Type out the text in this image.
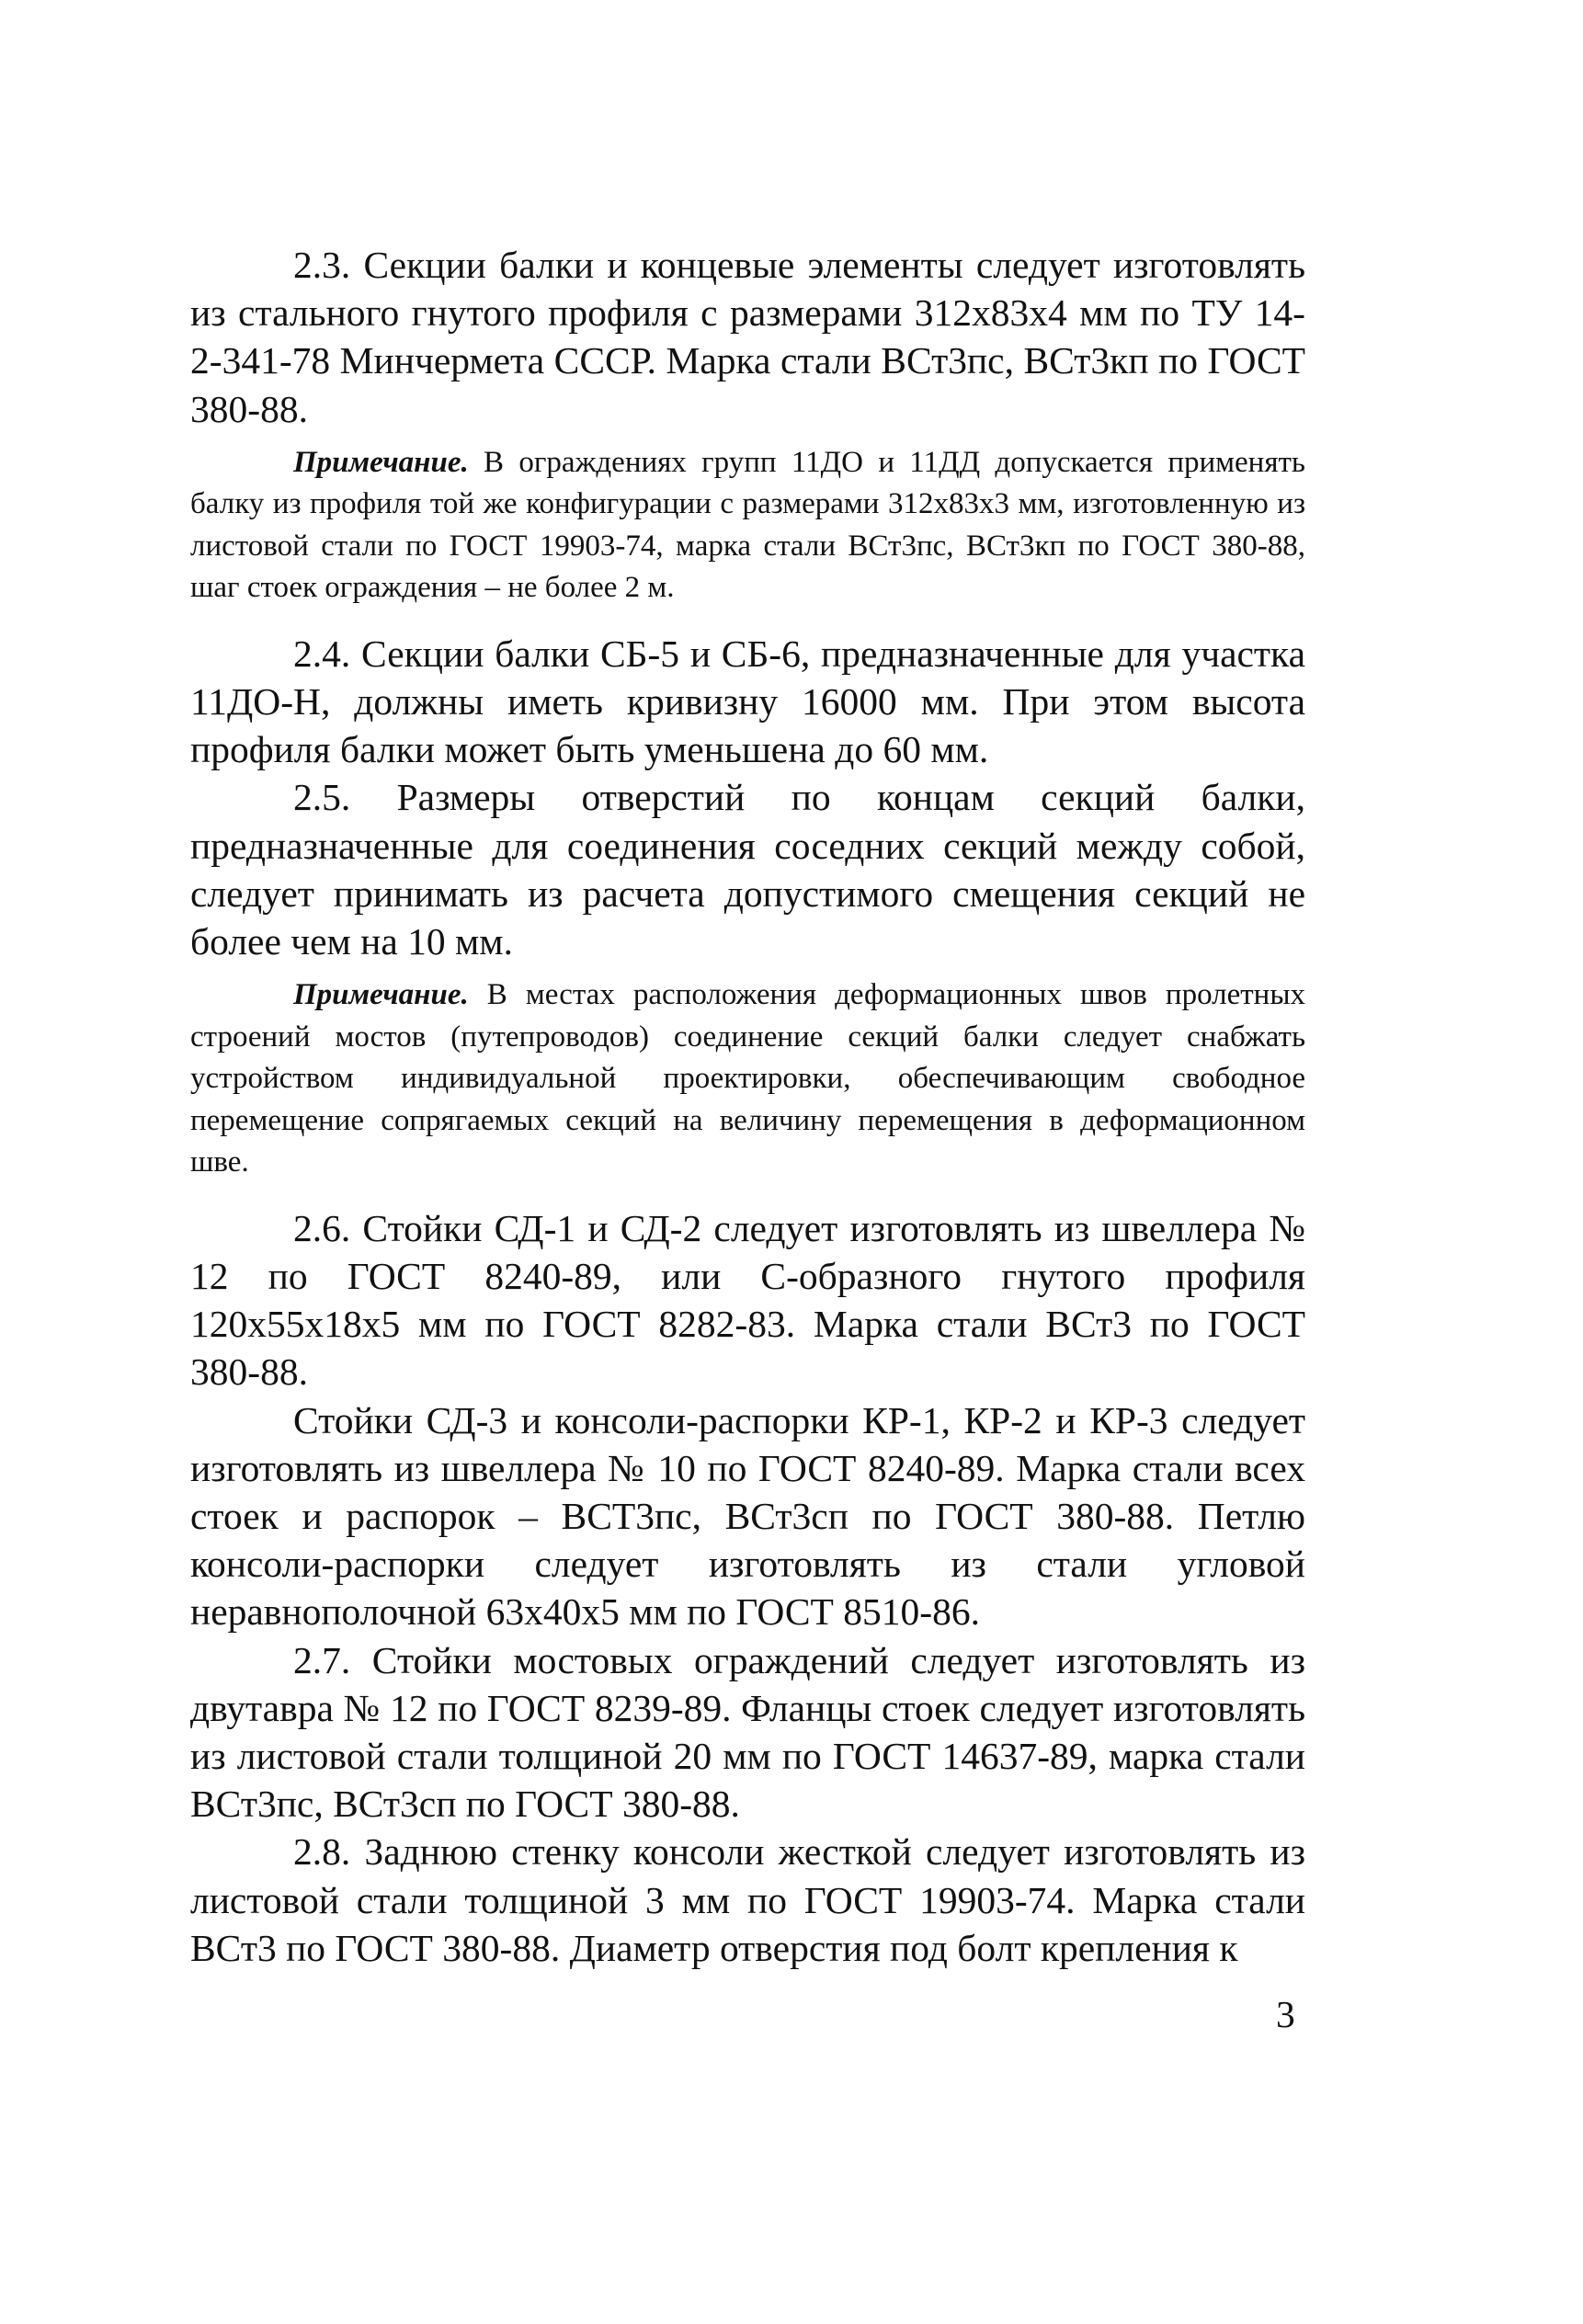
2.3. Секции балки и концевые элементы следует изготовлять из стального гнутого профиля с размерами 312х83х4 мм по ТУ 14-2-341-78 Минчермета СССР. Марка стали ВСт3пс, ВСт3кп по ГОСТ 380-88.

Примечание. В ограждениях групп 11ДО и 11ДД допускается применять балку из профиля той же конфигурации с размерами 312х83х3 мм, изготовленную из листовой стали по ГОСТ 19903-74, марка стали ВСт3пс, ВСт3кп по ГОСТ 380-88, шаг стоек ограждения – не более 2 м.

2.4. Секции балки СБ-5 и СБ-6, предназначенные для участка 11ДО-Н, должны иметь кривизну 16000 мм. При этом высота профиля балки может быть уменьшена до 60 мм.

2.5. Размеры отверстий по концам секций балки, предназначенные для соединения соседних секций между собой, следует принимать из расчета допустимого смещения секций не более чем на 10 мм.

Примечание. В местах расположения деформационных швов пролетных строений мостов (путепроводов) соединение секций балки следует снабжать устройством индивидуальной проектировки, обеспечивающим свободное перемещение сопрягаемых секций на величину перемещения в деформационном шве.

2.6. Стойки СД-1 и СД-2 следует изготовлять из швеллера № 12 по ГОСТ 8240-89, или С-образного гнутого профиля 120х55х18х5 мм по ГОСТ 8282-83. Марка стали ВСт3 по ГОСТ 380-88.

Стойки СД-3 и консоли-распорки КР-1, КР-2 и КР-3 следует изготовлять из швеллера № 10 по ГОСТ 8240-89. Марка стали всех стоек и распорок – ВСТ3пс, ВСт3сп по ГОСТ 380-88. Петлю консоли-распорки следует изготовлять из стали угловой неравнополочной 63х40х5 мм по ГОСТ 8510-86.

2.7. Стойки мостовых ограждений следует изготовлять из двутавра № 12 по ГОСТ 8239-89. Фланцы стоек следует изготовлять из листовой стали толщиной 20 мм по ГОСТ 14637-89, марка стали ВСт3пс, ВСт3сп по ГОСТ 380-88.

2.8. Заднюю стенку консоли жесткой следует изготовлять из листовой стали толщиной 3 мм по ГОСТ 19903-74. Марка стали ВСт3 по ГОСТ 380-88. Диаметр отверстия под болт крепления к

3
